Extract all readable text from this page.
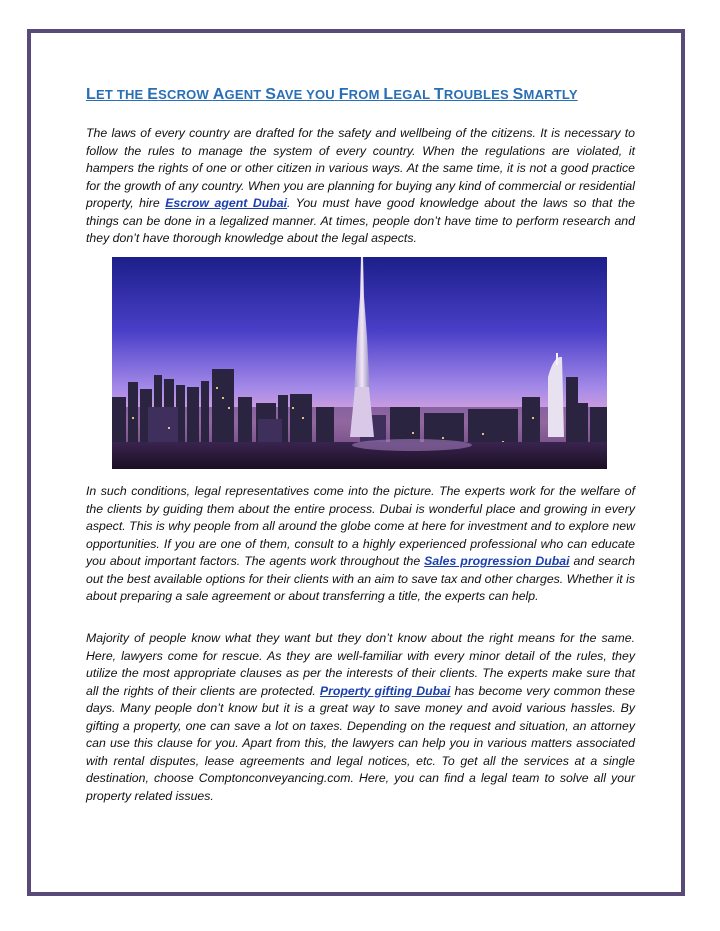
LET THE ESCROW AGENT SAVE YOU FROM LEGAL TROUBLES SMARTLY

The laws of every country are drafted for the safety and wellbeing of the citizens. It is necessary to follow the rules to manage the system of every country. When the regulations are violated, it hampers the rights of one or other citizen in various ways. At the same time, it is not a good practice for the growth of any country. When you are planning for buying any kind of commercial or residential property, hire Escrow agent Dubai. You must have good knowledge about the laws so that the things can be done in a legalized manner. At times, people don’t have time to perform research and they don’t have thorough knowledge about the legal aspects.

In such conditions, legal representatives come into the picture. The experts work for the welfare of the clients by guiding them about the entire process. Dubai is wonderful place and growing in every aspect. This is why people from all around the globe come at here for investment and to explore new opportunities. If you are one of them, consult to a highly experienced professional who can educate you about important factors. The agents work throughout the Sales progression Dubai and search out the best available options for their clients with an aim to save tax and other charges. Whether it is about preparing a sale agreement or about transferring a title, the experts can help.

Majority of people know what they want but they don’t know about the right means for the same. Here, lawyers come for rescue. As they are well-familiar with every minor detail of the rules, they utilize the most appropriate clauses as per the interests of their clients. The experts make sure that all the rights of their clients are protected. Property gifting Dubai has become very common these days. Many people don’t know but it is a great way to save money and avoid various hassles. By gifting a property, one can save a lot on taxes. Depending on the request and situation, an attorney can use this clause for you. Apart from this, the lawyers can help you in various matters associated with rental disputes, lease agreements and legal notices, etc. To get all the services at a single destination, choose Comptonconveyancing.com. Here, you can find a legal team to solve all your property related issues.
